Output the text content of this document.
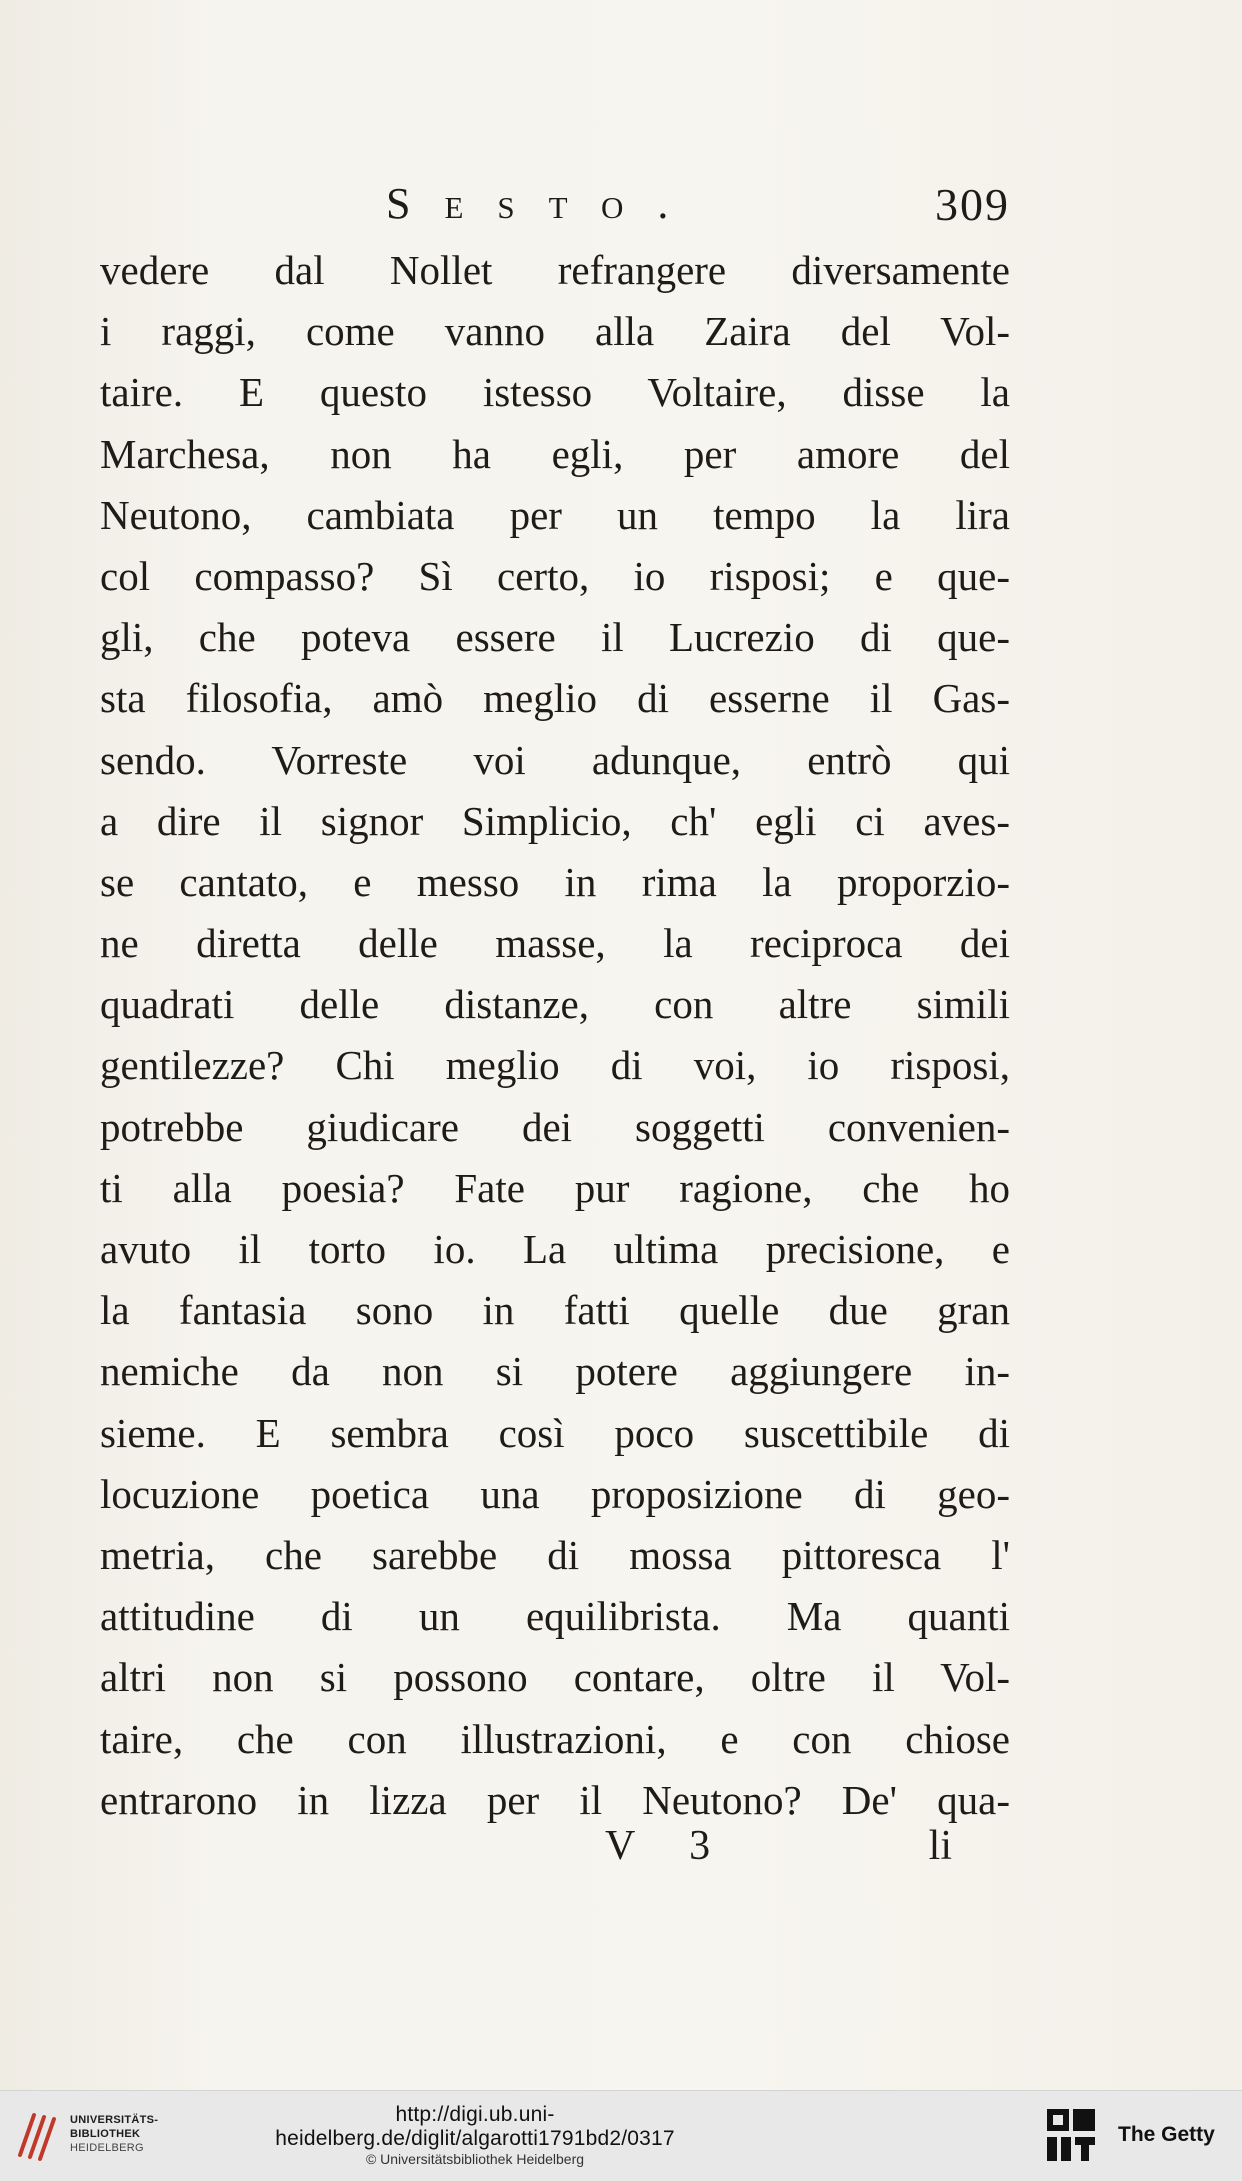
Sesto.	309
vedere dal Nollet refrangere diversamente
i raggi, come vanno alla Zaira del Vol-
taire. E questo istesso Voltaire, disse la
Marchesa, non ha egli, per amore del
Neutono, cambiata per un tempo la lira
col compasso? Sì certo, io risposi; e que-
gli, che poteva essere il Lucrezio di que-
sta filosofia, amò meglio di esserne il Gas-
sendo. Vorreste voi adunque, entrò qui
a dire il signor Simplicio, ch' egli ci aves-
se cantato, e messo in rima la proporzio-
ne diretta delle masse, la reciproca dei
quadrati delle distanze, con altre simili
gentilezze? Chi meglio di voi, io risposi,
potrebbe giudicare dei soggetti convenien-
ti alla poesia? Fate pur ragione, che ho
avuto il torto io. La ultima precisione, e
la fantasia sono in fatti quelle due gran
nemiche da non si potere aggiungere in-
sieme. E sembra così poco suscettibile di
locuzione poetica una proposizione di geo-
metria, che sarebbe di mossa pittoresca l'
attitudine di un equilibrista. Ma quanti
altri non si possono contare, oltre il Vol-
taire, che con illustrazioni, e con chiose
entrarono in lizza per il Neutono? De' qua-
V 3	li
UNIVERSITÄTS-
BIBLIOTHEK
HEIDELBERG
http://digi.ub.uni-heidelberg.de/diglit/algarotti1791bd2/0317
© Universitätsbibliothek Heidelberg
The Getty
